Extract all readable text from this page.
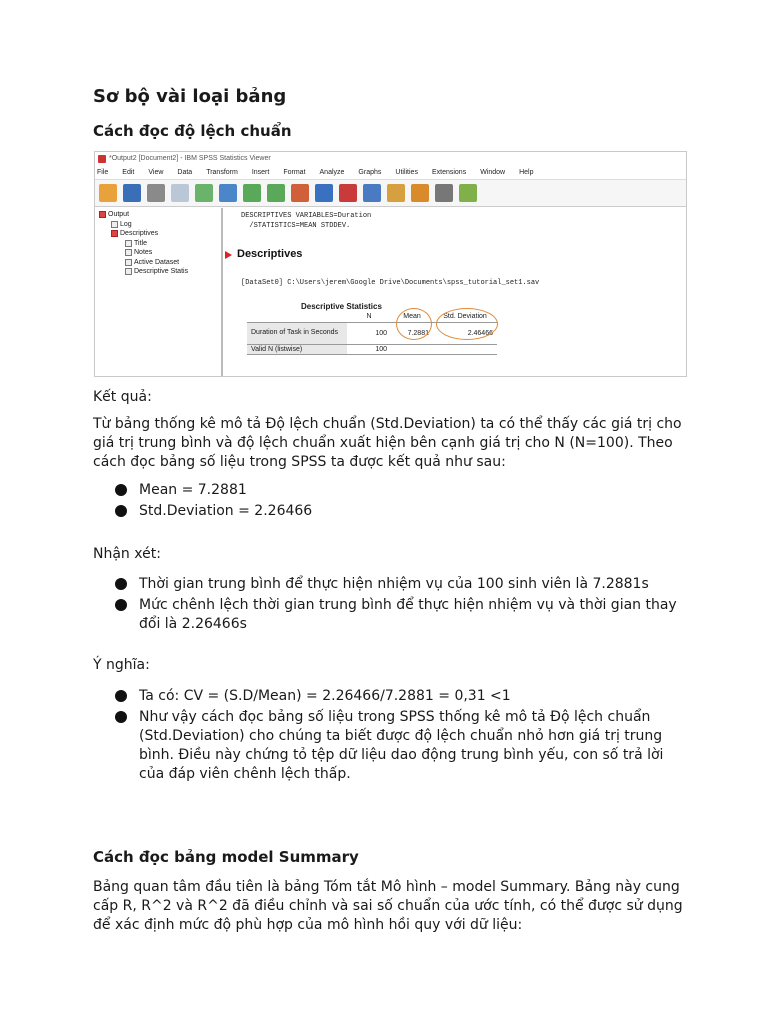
Sơ bộ vài loại bảng
Cách đọc độ lệch chuẩn
*Output2 [Document2] - IBM SPSS Statistics Viewer
File Edit View Data Transform Insert Format Analyze Graphs Utilities Extensions Window Help
Output
Log
Descriptives
Title
Notes
Active Dataset
Descriptive Statis
DESCRIPTIVES VARIABLES=Duration
/STATISTICS=MEAN STDDEV.
Descriptives
[DataSet0] C:\Users\jerem\Google Drive\Documents\spss_tutorial_set1.sav
Descriptive Statistics
	N	Mean	Std. Deviation
Duration of Task in Seconds	100	7.2881	2.46466
Valid N (listwise)	100		
Kết quả:
Từ bảng thống kê mô tả Độ lệch chuẩn (Std.Deviation) ta có thể thấy các giá trị cho giá trị trung bình và độ lệch chuẩn xuất hiện bên cạnh giá trị cho N (N=100). Theo cách đọc bảng số liệu trong SPSS ta được kết quả như sau:
Mean = 7.2881
Std.Deviation = 2.26466
Nhận xét:
Thời gian trung bình để thực hiện nhiệm vụ của 100 sinh viên là 7.2881s
Mức chênh lệch thời gian trung bình để thực hiện nhiệm vụ và thời gian thay đổi là 2.26466s
Ý nghĩa:
Ta có: CV = (S.D/Mean) = 2.26466/7.2881 = 0,31 <1
Như vậy cách đọc bảng số liệu trong SPSS thống kê mô tả Độ lệch chuẩn (Std.Deviation) cho chúng ta biết được độ lệch chuẩn nhỏ hơn giá trị trung bình. Điều này chứng tỏ tệp dữ liệu dao động trung bình yếu, con số trả lời của đáp viên chênh lệch thấp.
Cách đọc bảng model Summary
Bảng quan tâm đầu tiên là bảng Tóm tắt Mô hình – model Summary. Bảng này cung cấp R, R^2 và R^2 đã điều chỉnh và sai số chuẩn của ước tính, có thể được sử dụng để xác định mức độ phù hợp của mô hình hồi quy với dữ liệu:
